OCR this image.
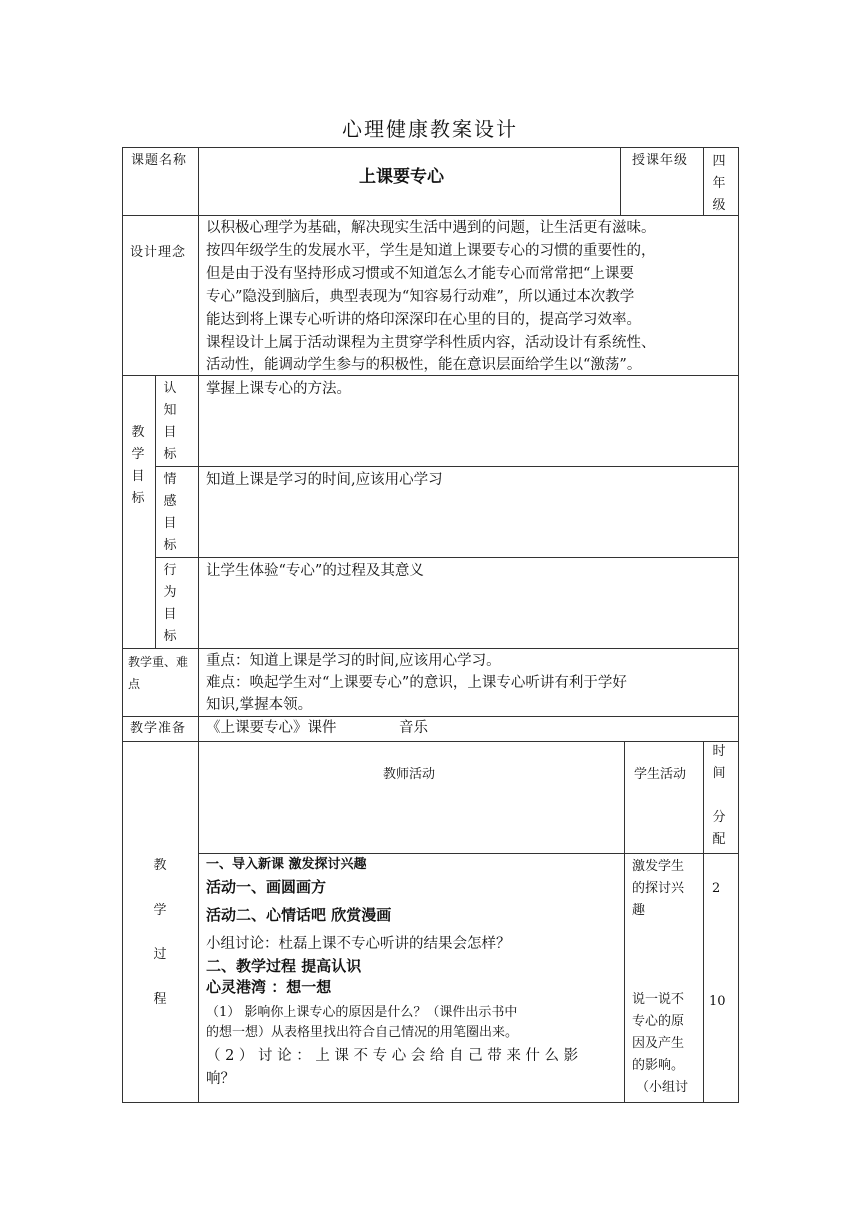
心理健康教案设计
课题名称
上课要专心
授课年级 四
年
级
设计理念
以积极心理学为基础，解决现实生活中遇到的问题，让生活更有滋味。
按四年级学生的发展水平，学生是知道上课要专心的习惯的重要性的，
但是由于没有坚持形成习惯或不知道怎么才能专心而常常把“上课要
专心”隐没到脑后，典型表现为“知容易行动难”，所以通过本次教学
能达到将上课专心听讲的烙印深深印在心里的目的，提高学习效率。
课程设计上属于活动课程为主贯穿学科性质内容，活动设计有系统性、
活动性，能调动学生参与的积极性，能在意识层面给学生以“激荡”。
教
学
目
标
认
知
目
标
掌握上课专心的方法。
情
感
目
标
知道上课是学习的时间,应该用心学习
行
为
目
标
让学生体验“专心”的过程及其意义
教学重、难
点
重点：知道上课是学习的时间,应该用心学习。
难点：唤起学生对“上课要专心”的意识，上课专心听讲有利于学好
知识,掌握本领。
教学准备 《上课要专心》课件	音乐
教
学
过
程
教师活动	学生活动
时
间
分
配
一、导入新课 激发探讨兴趣
活动一、画圆画方
活动二、心情话吧 欣赏漫画
小组讨论：杜磊上课不专心听讲的结果会怎样？
二、教学过程 提高认识
心灵港湾 ：想一想
（1） 影响你上课专心的原因是什么？（课件出示书中
的想一想）从表格里找出符合自己情况的用笔圈出来。
（2）讨论：上课不专心会给自己带来什么影
响？
激发学生
的探讨兴
趣
说一说不
专心的原
因及产生
的影响。
（小组讨
2
10
